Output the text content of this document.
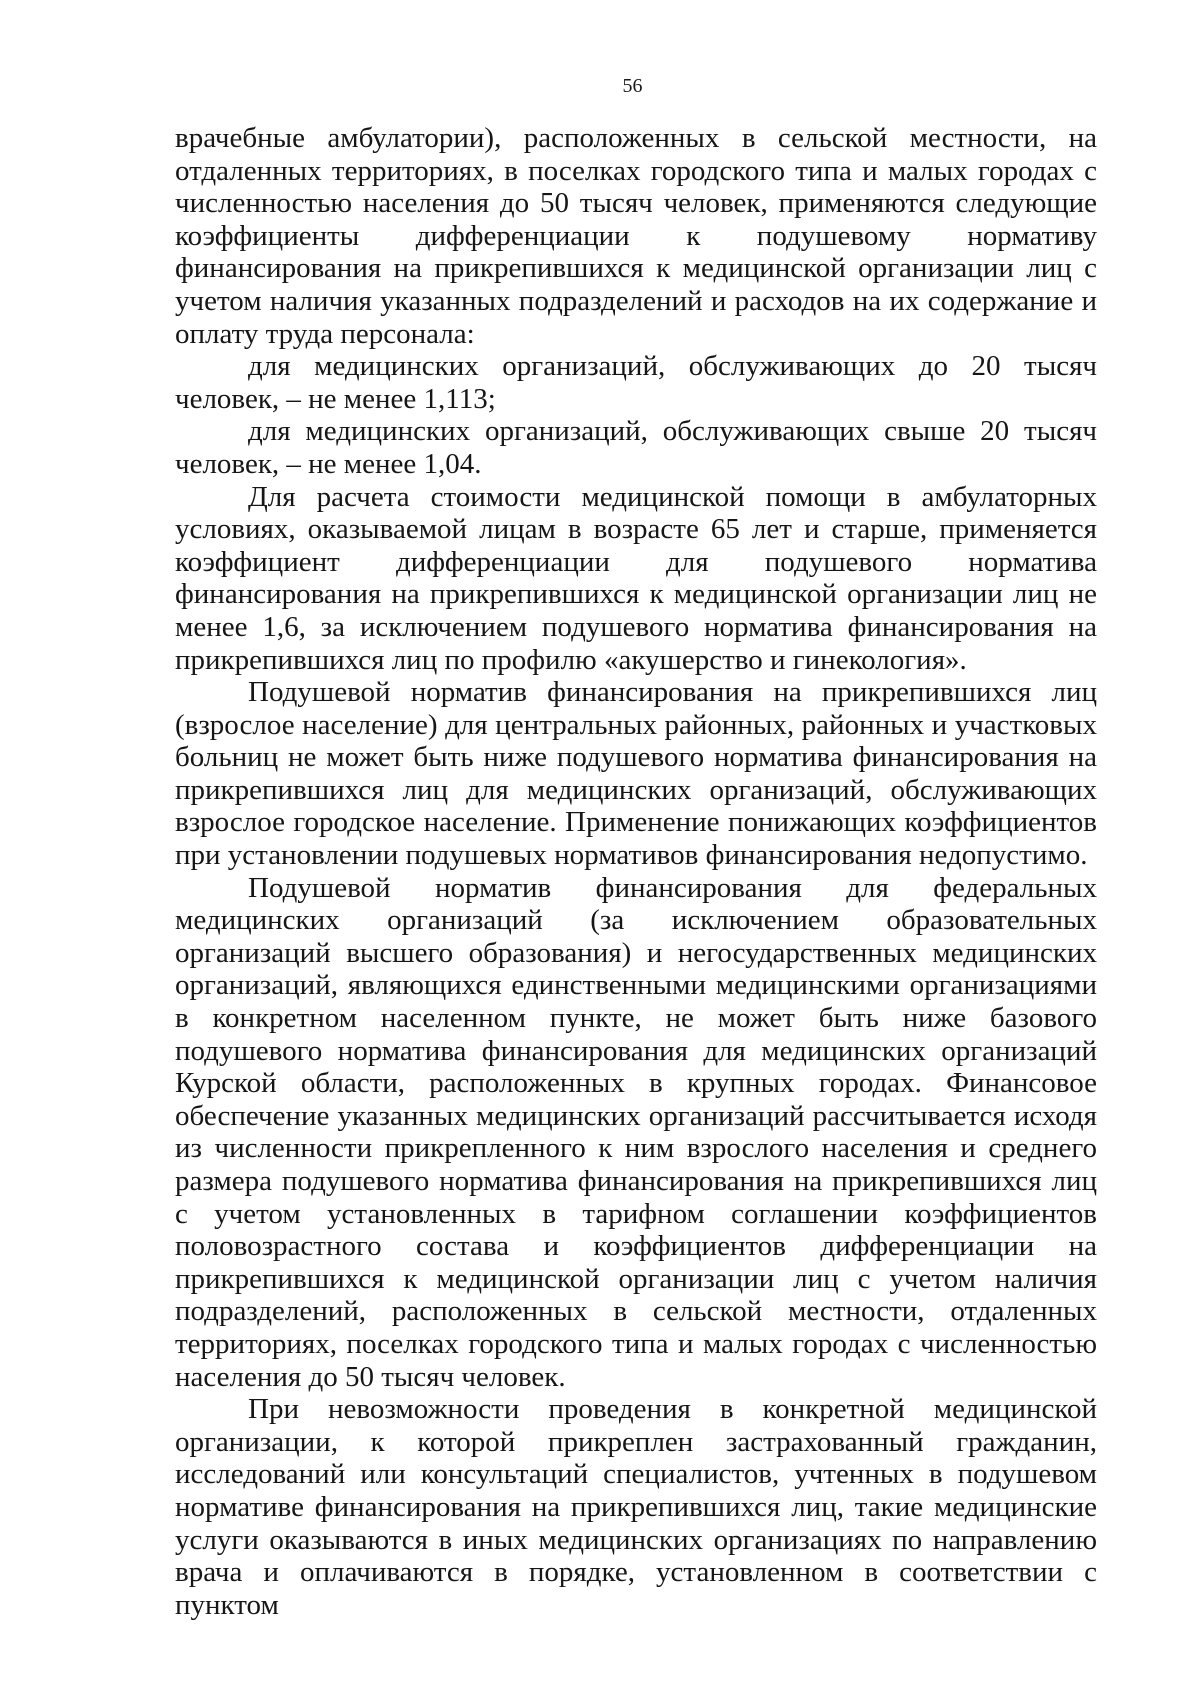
56

врачебные амбулатории), расположенных в сельской местности, на отдаленных территориях, в поселках городского типа и малых городах с численностью населения до 50 тысяч человек, применяются следующие коэффициенты дифференциации к подушевому нормативу финансирования на прикрепившихся к медицинской организации лиц с учетом наличия указанных подразделений и расходов на их содержание и оплату труда персонала:

для медицинских организаций, обслуживающих до 20 тысяч человек, – не менее 1,113;

для медицинских организаций, обслуживающих свыше 20 тысяч человек, – не менее 1,04.

Для расчета стоимости медицинской помощи в амбулаторных условиях, оказываемой лицам в возрасте 65 лет и старше, применяется коэффициент дифференциации для подушевого норматива финансирования на прикрепившихся к медицинской организации лиц не менее 1,6, за исключением подушевого норматива финансирования на прикрепившихся лиц по профилю «акушерство и гинекология».

Подушевой норматив финансирования на прикрепившихся лиц (взрослое население) для центральных районных, районных и участковых больниц не может быть ниже подушевого норматива финансирования на прикрепившихся лиц для медицинских организаций, обслуживающих взрослое городское население. Применение понижающих коэффициентов при установлении подушевых нормативов финансирования недопустимо.

Подушевой норматив финансирования для федеральных медицинских организаций (за исключением образовательных организаций высшего образования) и негосударственных медицинских организаций, являющихся единственными медицинскими организациями в конкретном населенном пункте, не может быть ниже базового подушевого норматива финансирования для медицинских организаций Курской области, расположенных в крупных городах. Финансовое обеспечение указанных медицинских организаций рассчитывается исходя из численности прикрепленного к ним взрослого населения и среднего размера подушевого норматива финансирования на прикрепившихся лиц с учетом установленных в тарифном соглашении коэффициентов половозрастного состава и коэффициентов дифференциации на прикрепившихся к медицинской организации лиц с учетом наличия подразделений, расположенных в сельской местности, отдаленных территориях, поселках городского типа и малых городах с численностью населения до 50 тысяч человек.

При невозможности проведения в конкретной медицинской организации, к которой прикреплен застрахованный гражданин, исследований или консультаций специалистов, учтенных в подушевом нормативе финансирования на прикрепившихся лиц, такие медицинские услуги оказываются в иных медицинских организациях по направлению врача и оплачиваются в порядке, установленном в соответствии с пунктом
